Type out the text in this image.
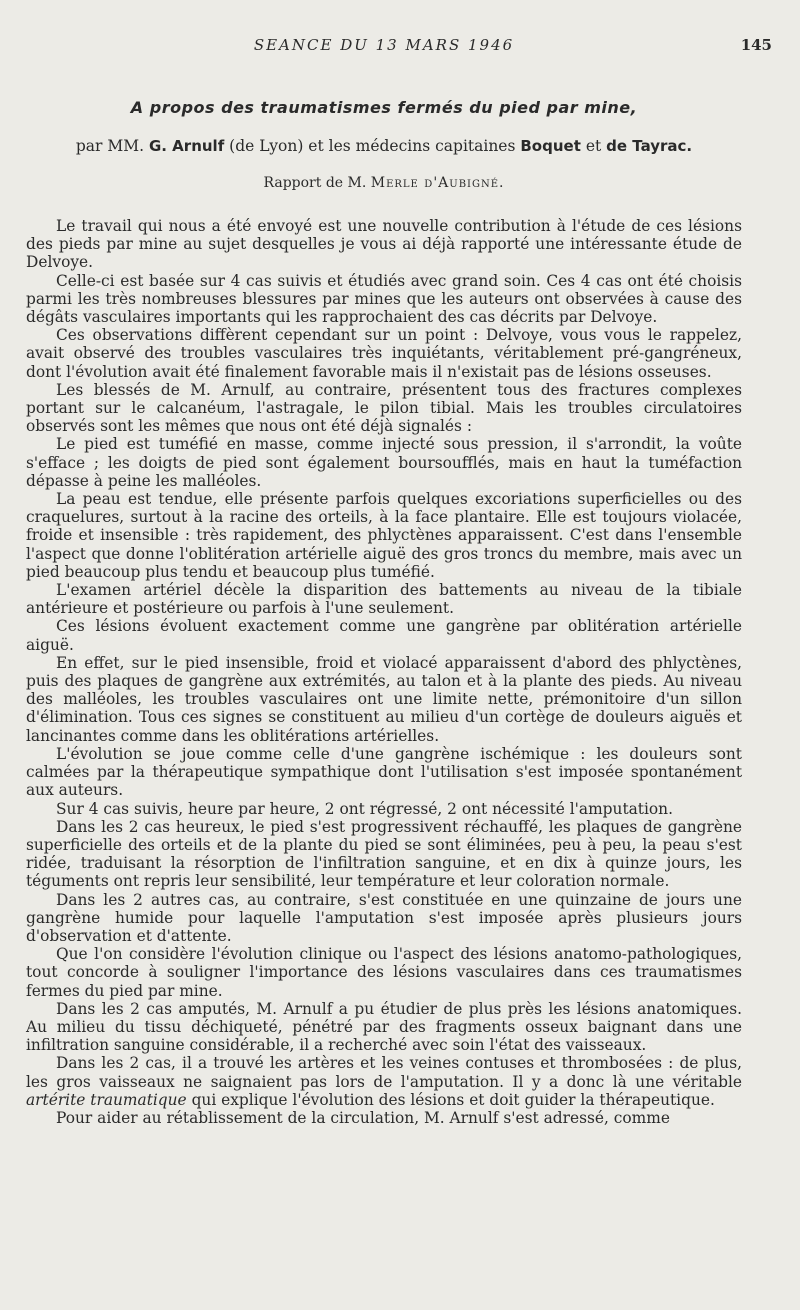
SEANCE DU 13 MARS 1946	145
A propos des traumatismes fermés du pied par mine,
par MM. G. Arnulf (de Lyon) et les médecins capitaines Boquet et de Tayrac.
Rapport de M. Merle d'Aubigné.

Le travail qui nous a été envoyé est une nouvelle contribution à l'étude de ces lésions des pieds par mine au sujet desquelles je vous ai déjà rapporté une intéressante étude de Delvoye.

Celle-ci est basée sur 4 cas suivis et étudiés avec grand soin. Ces 4 cas ont été choisis parmi les très nombreuses blessures par mines que les auteurs ont observées à cause des dégâts vasculaires importants qui les rapprochaient des cas décrits par Delvoye.

Ces observations diffèrent cependant sur un point : Delvoye, vous vous le rappelez, avait observé des troubles vasculaires très inquiétants, véritablement pré-gangréneux, dont l'évolution avait été finalement favorable mais il n'existait pas de lésions osseuses.

Les blessés de M. Arnulf, au contraire, présentent tous des fractures complexes portant sur le calcanéum, l'astragale, le pilon tibial. Mais les troubles circulatoires observés sont les mêmes que nous ont été déjà signalés :

Le pied est tuméfié en masse, comme injecté sous pression, il s'arrondit, la voûte s'efface ; les doigts de pied sont également boursoufflés, mais en haut la tuméfaction dépasse à peine les malléoles.

La peau est tendue, elle présente parfois quelques excoriations superficielles ou des craquelures, surtout à la racine des orteils, à la face plantaire. Elle est toujours violacée, froide et insensible : très rapidement, des phlyctènes apparaissent. C'est dans l'ensemble l'aspect que donne l'oblitération artérielle aiguë des gros troncs du membre, mais avec un pied beaucoup plus tendu et beaucoup plus tuméfié.

L'examen artériel décèle la disparition des battements au niveau de la tibiale antérieure et postérieure ou parfois à l'une seulement.

Ces lésions évoluent exactement comme une gangrène par oblitération artérielle aiguë.

En effet, sur le pied insensible, froid et violacé apparaissent d'abord des phlyctènes, puis des plaques de gangrène aux extrémités, au talon et à la plante des pieds. Au niveau des malléoles, les troubles vasculaires ont une limite nette, prémonitoire d'un sillon d'élimination. Tous ces signes se constituent au milieu d'un cortège de douleurs aiguës et lancinantes comme dans les oblitérations artérielles.

L'évolution se joue comme celle d'une gangrène ischémique : les douleurs sont calmées par la thérapeutique sympathique dont l'utilisation s'est imposée spontanément aux auteurs.

Sur 4 cas suivis, heure par heure, 2 ont régressé, 2 ont nécessité l'amputation.

Dans les 2 cas heureux, le pied s'est progressivent réchauffé, les plaques de gangrène superficielle des orteils et de la plante du pied se sont éliminées, peu à peu, la peau s'est ridée, traduisant la résorption de l'infiltration sanguine, et en dix à quinze jours, les téguments ont repris leur sensibilité, leur température et leur coloration normale.

Dans les 2 autres cas, au contraire, s'est constituée en une quinzaine de jours une gangrène humide pour laquelle l'amputation s'est imposée après plusieurs jours d'observation et d'attente.

Que l'on considère l'évolution clinique ou l'aspect des lésions anatomo-pathologiques, tout concorde à souligner l'importance des lésions vasculaires dans ces traumatismes fermes du pied par mine.

Dans les 2 cas amputés, M. Arnulf a pu étudier de plus près les lésions anatomiques. Au milieu du tissu déchiqueté, pénétré par des fragments osseux baignant dans une infiltration sanguine considérable, il a recherché avec soin l'état des vaisseaux.

Dans les 2 cas, il a trouvé les artères et les veines contuses et thrombosées : de plus, les gros vaisseaux ne saignaient pas lors de l'amputation. Il y a donc là une véritable artérite traumatique qui explique l'évolution des lésions et doit guider la thérapeutique.

Pour aider au rétablissement de la circulation, M. Arnulf s'est adressé, comme
